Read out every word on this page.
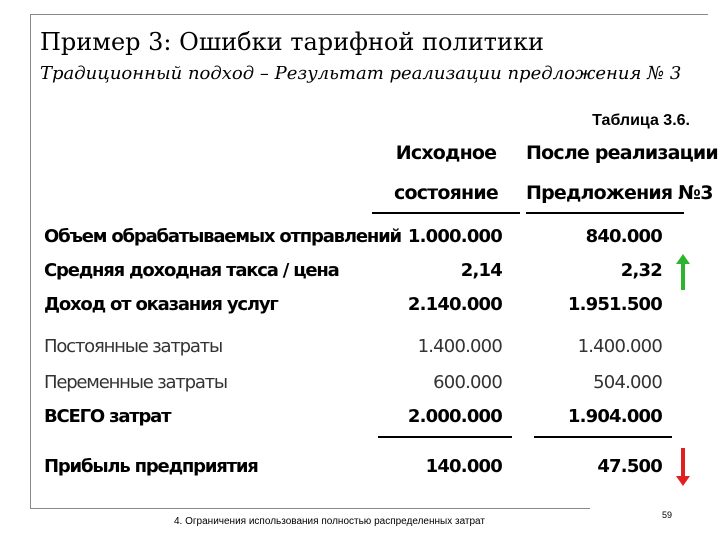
Пример 3: Ошибки тарифной политики
Традиционный подход – Результат реализации предложения № 3
Таблица 3.6.
Исходное
состояние
После реализации
Предложения №3
Объем обрабатываемых отправлений 1.000.000	840.000
Средняя доходная такса / цена	2,14	2,32
Доход от оказания услуг	2.140.000	1.951.500
Постоянные затраты	1.400.000	1.400.000
Переменные затраты	600.000	504.000
ВСЕГО затрат	2.000.000	1.904.000
Прибыль предприятия	140.000	47.500
4. Ограничения использования полностью распределенных затрат
59
